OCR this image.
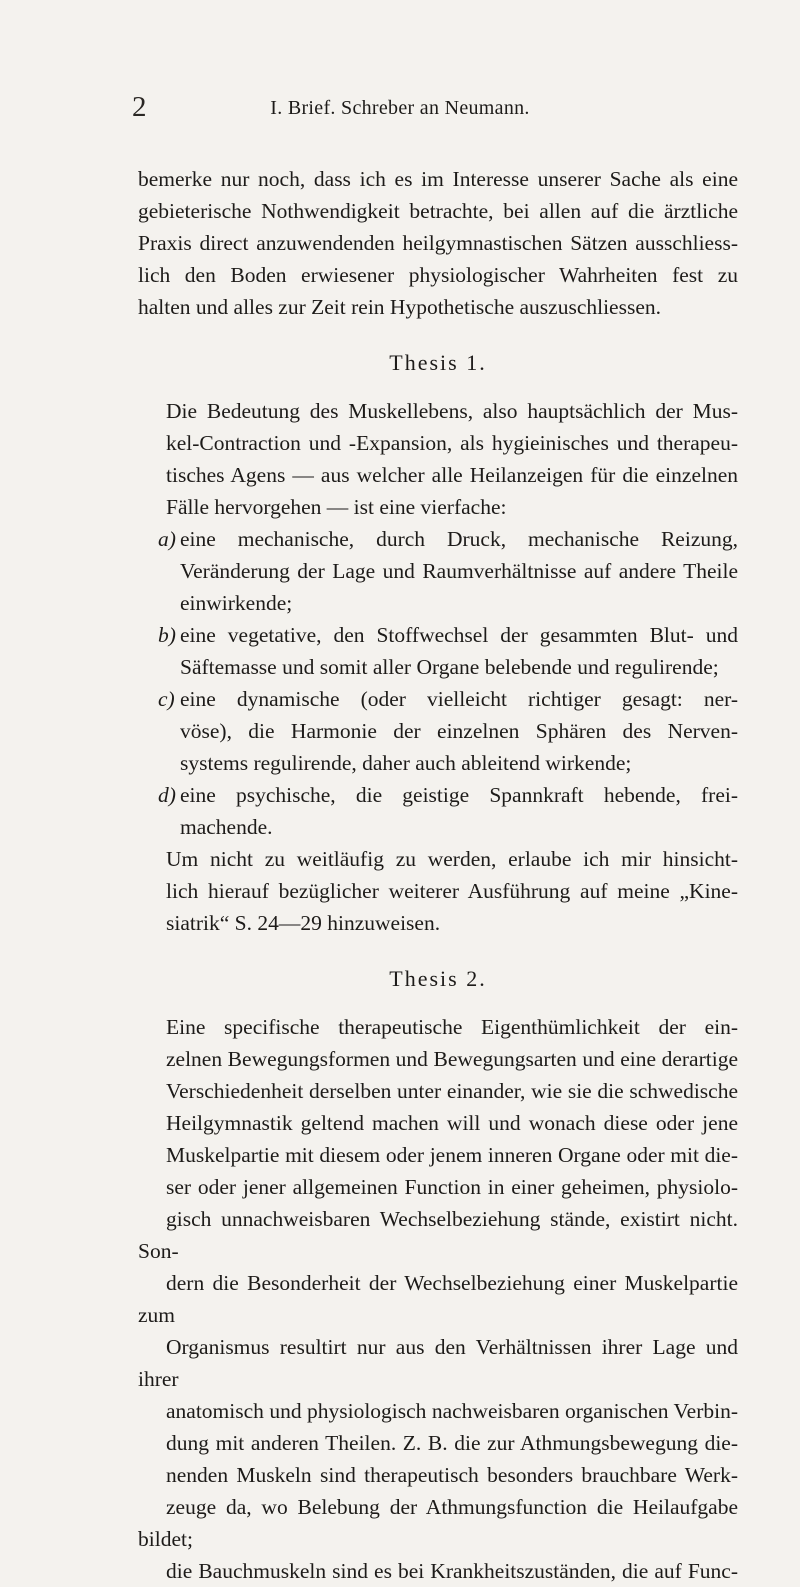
2	I. Brief. Schreber an Neumann.

bemerke nur noch, dass ich es im Interesse unserer Sache als eine
gebieterische Nothwendigkeit betrachte, bei allen auf die ärztliche
Praxis direct anzuwendenden heilgymnastischen Sätzen ausschliess-
lich den Boden erwiesener physiologischer Wahrheiten fest zu
halten und alles zur Zeit rein Hypothetische auszuschliessen.

Thesis 1.

Die Bedeutung des Muskellebens, also hauptsächlich der Mus-
kel-Contraction und -Expansion, als hygieinisches und therapeu-
tisches Agens — aus welcher alle Heilanzeigen für die einzelnen
Fälle hervorgehen — ist eine vierfache:

a) eine mechanische, durch Druck, mechanische Reizung,
Veränderung der Lage und Raumverhältnisse auf andere Theile
einwirkende;
b) eine vegetative, den Stoffwechsel der gesammten Blut- und
Säftemasse und somit aller Organe belebende und regulirende;
c) eine dynamische (oder vielleicht richtiger gesagt: ner-
vöse), die Harmonie der einzelnen Sphären des Nerven-
systems regulirende, daher auch ableitend wirkende;
d) eine psychische, die geistige Spannkraft hebende, frei-
machende.

Um nicht zu weitläufig zu werden, erlaube ich mir hinsicht-
lich hierauf bezüglicher weiterer Ausführung auf meine „Kine-
siatrik“ S. 24—29 hinzuweisen.

Thesis 2.

Eine specifische therapeutische Eigenthümlichkeit der ein-
zelnen Bewegungsformen und Bewegungsarten und eine derartige
Verschiedenheit derselben unter einander, wie sie die schwedische
Heilgymnastik geltend machen will und wonach diese oder jene
Muskelpartie mit diesem oder jenem inneren Organe oder mit die-
ser oder jener allgemeinen Function in einer geheimen, physiolo-
gisch unnachweisbaren Wechselbeziehung stände, existirt nicht. Son-
dern die Besonderheit der Wechselbeziehung einer Muskelpartie zum
Organismus resultirt nur aus den Verhältnissen ihrer Lage und ihrer
anatomisch und physiologisch nachweisbaren organischen Verbin-
dung mit anderen Theilen. Z. B. die zur Athmungsbewegung die-
nenden Muskeln sind therapeutisch besonders brauchbare Werk-
zeuge da, wo Belebung der Athmungsfunction die Heilaufgabe bildet;
die Bauchmuskeln sind es bei Krankheitszuständen, die auf Func-
